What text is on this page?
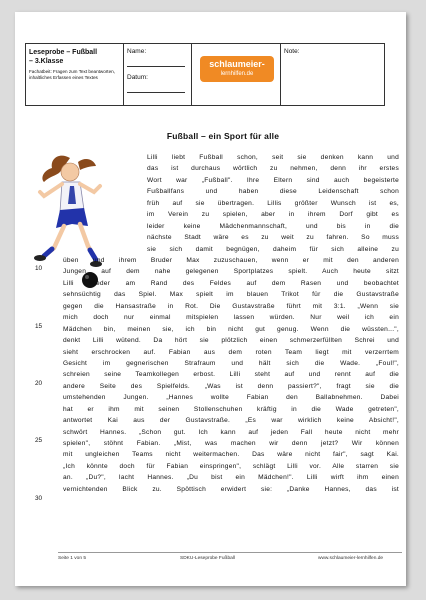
Leseprobe – Fußball
– 3.Klasse
Fachatbeit: Fragen zum Text beantworten, inhaltliches Erfassen eines Textes
Name:
Datum:
schlaumeier-
lernhilfen.de
Note:
Fußball – ein Sport für alle
Lilli liebt Fußball schon, seit sie denken kann und
das ist durchaus wörtlich zu nehmen, denn ihr erstes
Wort war „Fußball". Ihre Eltern sind auch begeisterte
Fußballfans und haben diese Leidenschaft schon
früh auf sie übertragen. Lillis größter Wunsch ist es,
im Verein zu spielen, aber in ihrem Dorf gibt es
leider keine Mädchenmannschaft, und bis in die
nächste Stadt wäre es zu weit zu fahren. So muss
sie sich damit begnügen, daheim für sich alleine zu
üben und ihrem Bruder Max zuzuschauen, wenn er mit den anderen
Jungen auf dem nahe gelegenen Sportplatzes spielt. Auch heute sitzt
Lilli wieder am Rand des Feldes auf dem Rasen und beobachtet
sehnsüchtig das Spiel. Max spielt im blauen Trikot für die Gustavstraße
gegen die Hansastraße in Rot. Die Gustavstraße führt mit 3:1. „Wenn sie
mich doch nur einmal mitspielen lassen würden. Nur weil ich ein
Mädchen bin, meinen sie, ich bin nicht gut genug. Wenn die wüssten...",
denkt Lilli wütend. Da hört sie plötzlich einen schmerzerfüllten Schrei und
sieht erschrocken auf. Fabian aus dem roten Team liegt mit verzerrtem
Gesicht im gegnerischen Strafraum und hält sich die Wade. „Foul!",
schreien seine Teamkollegen erbost. Lilli steht auf und rennt auf die
andere Seite des Spielfelds. „Was ist denn passiert?", fragt sie die
umstehenden Jungen. „Hannes wollte Fabian den Ballabnehmen. Dabei
hat er ihm mit seinen Stollenschuhen kräftig in die Wade getreten",
antwortet Kai aus der Gustavstraße. „Es war wirklich keine Absicht!",
schwört Hannes. „Schon gut. Ich kann auf jeden Fall heute nicht mehr
spielen", stöhnt Fabian. „Mist, was machen wir denn jetzt? Wir können
mit ungleichen Teams nicht weitermachen. Das wäre nicht fair", sagt Kai.
„Ich könnte doch für Fabian einspringen", schlägt Lilli vor. Alle starren sie
an. „Du?", lacht Hannes. „Du bist ein Mädchen!". Lilli wirft ihm einen
vernichtenden Blick zu. Spöttisch erwidert sie: „Danke Hannes, das ist
10
15
20
25
30
Seite 1 von 5	SDKU-Leseprobe Fußball	www.schlaumeier-lernhilfen.de
